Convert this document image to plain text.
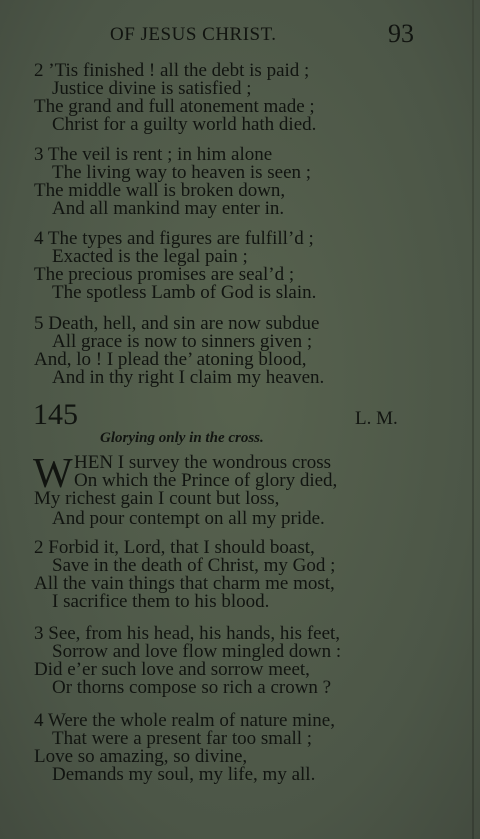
OF JESUS CHRIST.	93
2 ’Tis finished ! all the debt is paid ;
Justice divine is satisfied ;
The grand and full atonement made ;
Christ for a guilty world hath died.
3 The veil is rent ; in him alone
The living way to heaven is seen ;
The middle wall is broken down,
And all mankind may enter in.
4 The types and figures are fulfill’d ;
Exacted is the legal pain ;
The precious promises are seal’d ;
The spotless Lamb of God is slain.
5 Death, hell, and sin are now subdue
All grace is now to sinners given ;
And, lo ! I plead the’ atoning blood,
And in thy right I claim my heaven.
145	L. M.
Glorying only in the cross.
W HEN I survey the wondrous cross
On which the Prince of glory died,
My richest gain I count but loss,
And pour contempt on all my pride.
2 Forbid it, Lord, that I should boast,
Save in the death of Christ, my God ;
All the vain things that charm me most,
I sacrifice them to his blood.
3 See, from his head, his hands, his feet,
Sorrow and love flow mingled down :
Did e’er such love and sorrow meet,
Or thorns compose so rich a crown ?
4 Were the whole realm of nature mine,
That were a present far too small ;
Love so amazing, so divine,
Demands my soul, my life, my all.
